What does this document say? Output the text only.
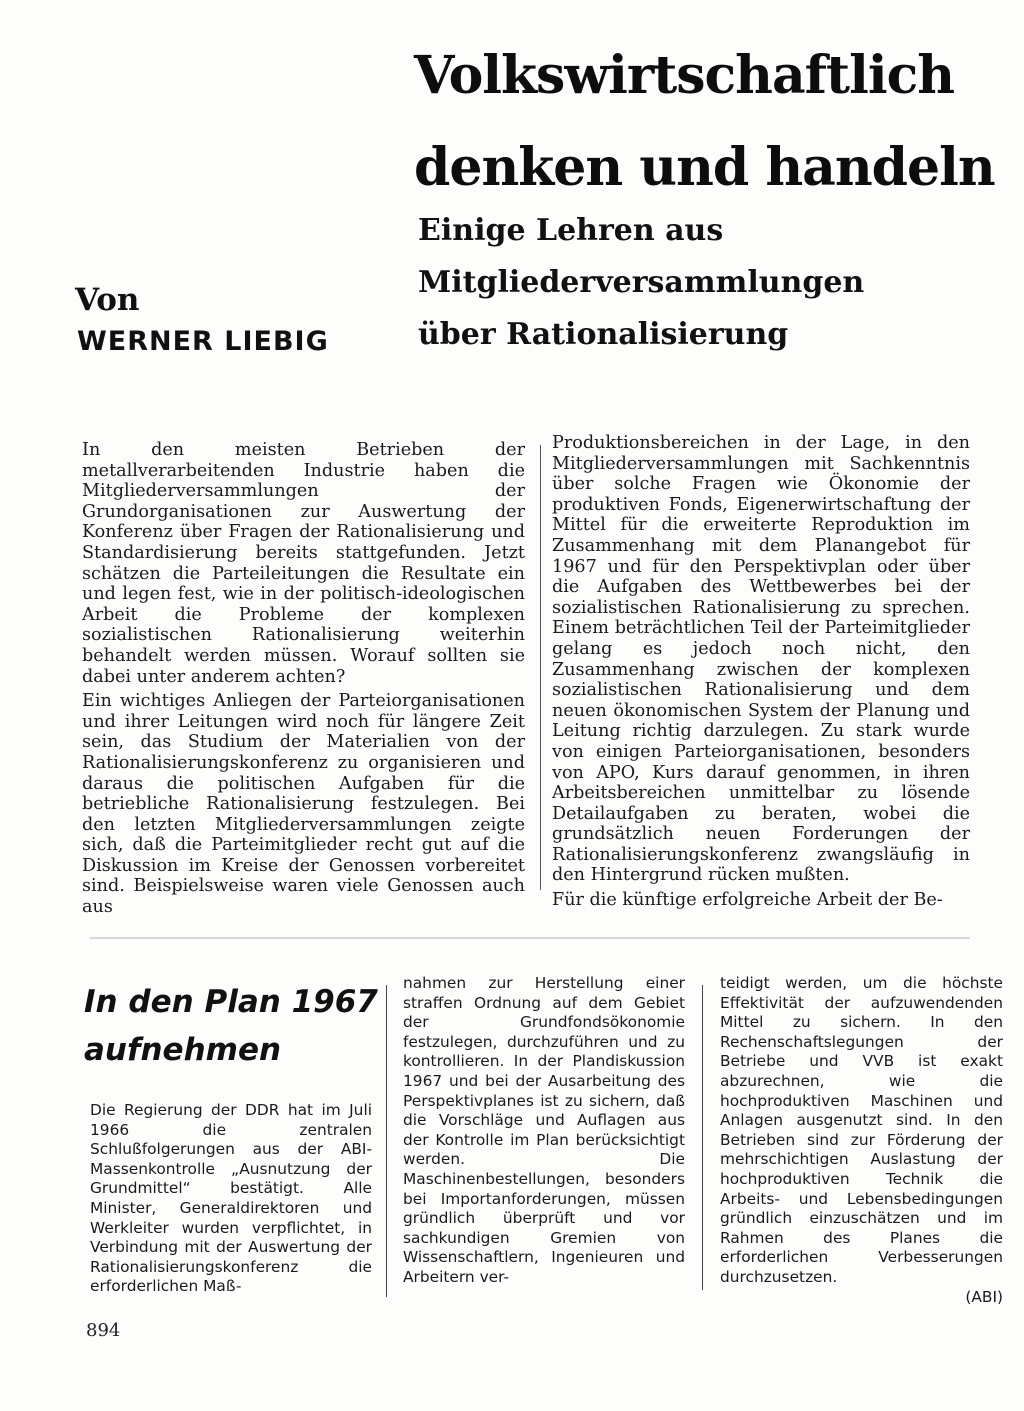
Volkswirtschaftlich
denken und handeln
Einige Lehren aus
Mitgliederversammlungen
über Rationalisierung

Von

WERNER LIEBIG

In den meisten Betrieben der metallverarbeitenden Industrie haben die Mitgliederversammlungen der Grundorganisationen zur Auswertung der Konferenz über Fragen der Rationalisierung und Standardisierung bereits stattgefunden. Jetzt schätzen die Parteileitungen die Resultate ein und legen fest, wie in der politisch-ideologischen Arbeit die Probleme der komplexen sozialistischen Rationalisierung weiterhin behandelt werden müssen. Worauf sollten sie dabei unter anderem achten?

Ein wichtiges Anliegen der Parteiorganisationen und ihrer Leitungen wird noch für längere Zeit sein, das Studium der Materialien von der Rationalisierungskonferenz zu organisieren und daraus die politischen Aufgaben für die betriebliche Rationalisierung festzulegen. Bei den letzten Mitgliederversammlungen zeigte sich, daß die Parteimitglieder recht gut auf die Diskussion im Kreise der Genossen vorbereitet sind. Beispielsweise waren viele Genossen auch aus

Produktionsbereichen in der Lage, in den Mitgliederversammlungen mit Sachkenntnis über solche Fragen wie Ökonomie der produktiven Fonds, Eigenerwirtschaftung der Mittel für die erweiterte Reproduktion im Zusammenhang mit dem Planangebot für 1967 und für den Perspektivplan oder über die Aufgaben des Wettbewerbes bei der sozialistischen Rationalisierung zu sprechen. Einem beträchtlichen Teil der Parteimitglieder gelang es jedoch noch nicht, den Zusammenhang zwischen der komplexen sozialistischen Rationalisierung und dem neuen ökonomischen System der Planung und Leitung richtig darzulegen. Zu stark wurde von einigen Parteiorganisationen, besonders von APO, Kurs darauf genommen, in ihren Arbeitsbereichen unmittelbar zu lösende Detailaufgaben zu beraten, wobei die grundsätzlich neuen Forderungen der Rationalisierungskonferenz zwangsläufig in den Hintergrund rücken mußten.

Für die künftige erfolgreiche Arbeit der Be-

In den Plan 1967
aufnehmen

Die Regierung der DDR hat im Juli 1966 die zentralen Schlußfolgerungen aus der ABI-Massenkontrolle „Ausnutzung der Grundmittel“ bestätigt. Alle Minister, Generaldirektoren und Werkleiter wurden verpflichtet, in Verbindung mit der Auswertung der Rationalisierungskonferenz die erforderlichen Maß-

nahmen zur Herstellung einer straffen Ordnung auf dem Gebiet der Grundfondsökonomie festzulegen, durchzuführen und zu kontrollieren. In der Plandiskussion 1967 und bei der Ausarbeitung des Perspektivplanes ist zu sichern, daß die Vorschläge und Auflagen aus der Kontrolle im Plan berücksichtigt werden. Die Maschinenbestellungen, besonders bei Importanforderungen, müssen gründlich überprüft und vor sachkundigen Gremien von Wissenschaftlern, Ingenieuren und Arbeitern ver-

teidigt werden, um die höchste Effektivität der aufzuwendenden Mittel zu sichern. In den Rechenschaftslegungen der Betriebe und VVB ist exakt abzurechnen, wie die hochproduktiven Maschinen und Anlagen ausgenutzt sind. In den Betrieben sind zur Förderung der mehrschichtigen Auslastung der hochproduktiven Technik die Arbeits- und Lebensbedingungen gründlich einzuschätzen und im Rahmen des Planes die erforderlichen Verbesserungen durchzusetzen.
(ABI)

894
